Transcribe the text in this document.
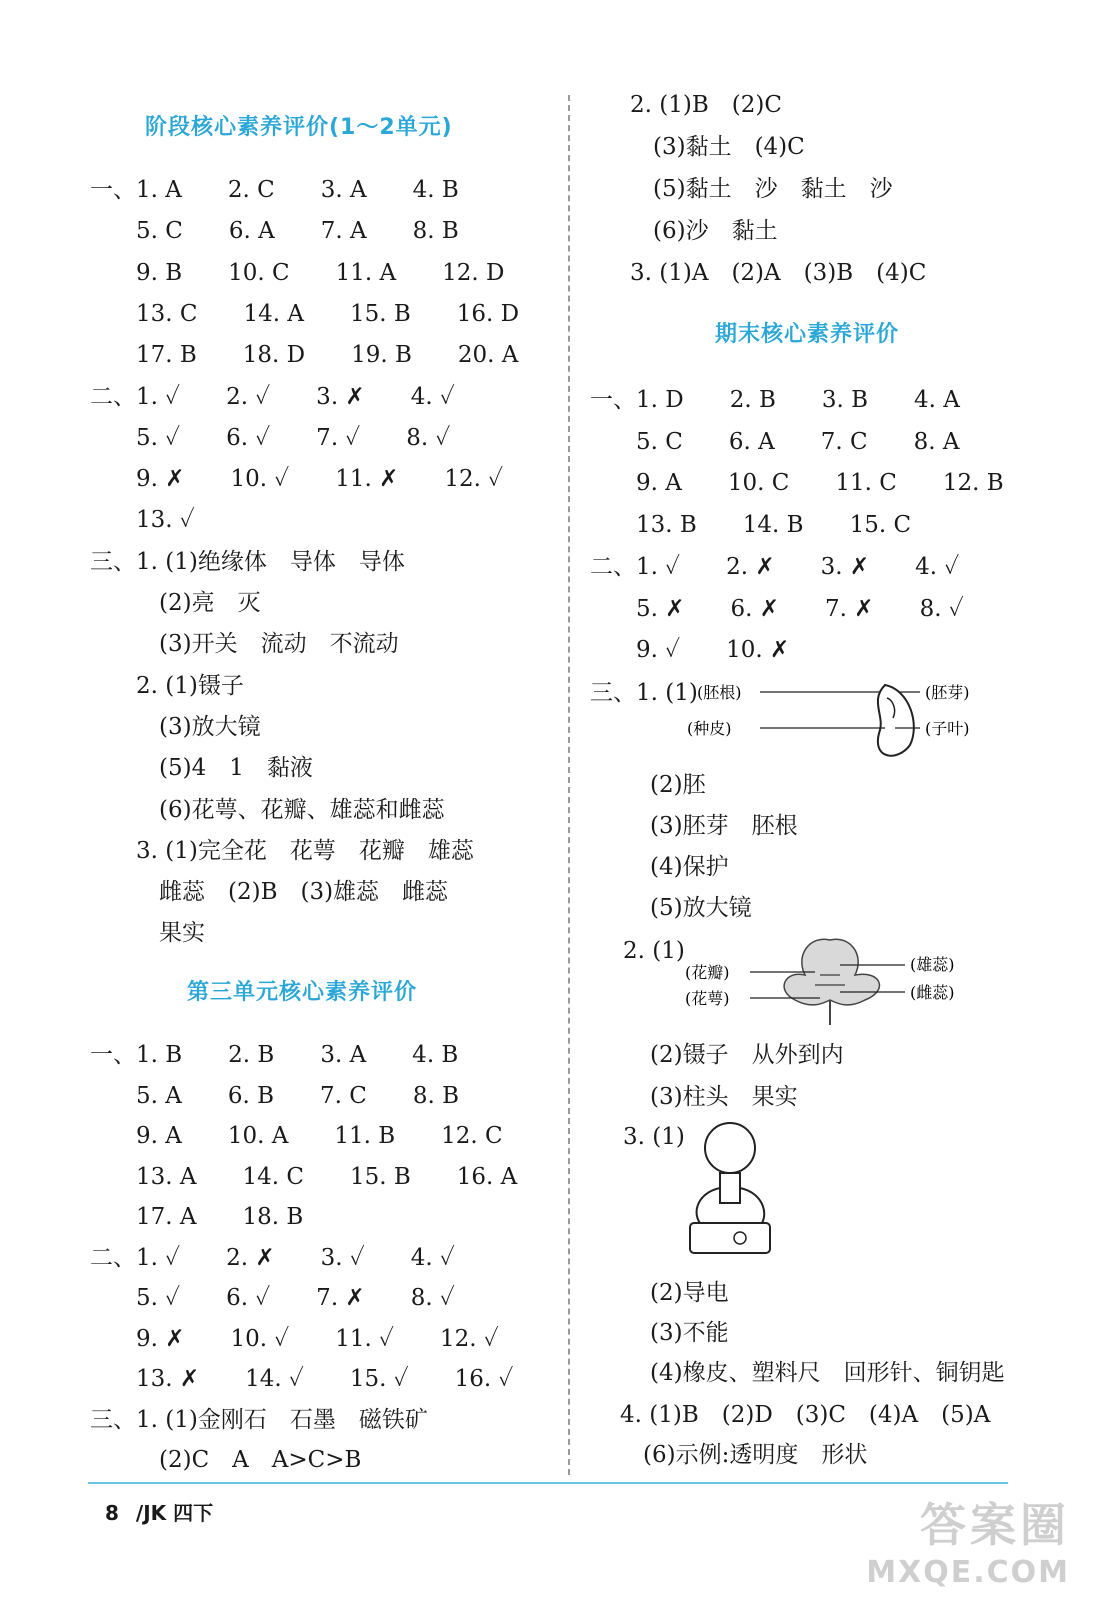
阶段核心素养评价(1～2单元)
一、1. A　　2. C　　3. A　　4. B
　　5. C　　6. A　　7. A　　8. B
　　9. B　　10. C　　11. A　　12. D
　　13. C　　14. A　　15. B　　16. D
　　17. B　　18. D　　19. B　　20. A
二、1. ✓　　2. ✓　　3. ✗　　4. ✓
　　5. ✓　　6. ✓　　7. ✓　　8. ✓
　　9. ✗　　10. ✓　　11. ✗　　12. ✓
　　13. ✓
三、1. (1)绝缘体　导体　导体
　　　(2)亮　灭
　　　(3)开关　流动　不流动
　　2. (1)镊子
　　　(3)放大镜
　　　(5)4　1　黏液
　　　(6)花萼、花瓣、雄蕊和雌蕊
　　3. (1)完全花　花萼　花瓣　雄蕊
　　　雌蕊　(2)B　(3)雄蕊　雌蕊
　　　果实
第三单元核心素养评价
一、1. B　　2. B　　3. A　　4. B
　　5. A　　6. B　　7. C　　8. B
　　9. A　　10. A　　11. B　　12. C
　　13. A　　14. C　　15. B　　16. A
　　17. A　　18. B
二、1. ✓　　2. ✗　　3. ✓　　4. ✓
　　5. ✓　　6. ✓　　7. ✗　　8. ✓
　　9. ✗　　10. ✓　　11. ✓　　12. ✓
　　13. ✗　　14. ✓　　15. ✓　　16. ✓
三、1. (1)金刚石　石墨　磁铁矿
　　　(2)C　A　A>C>B
2. (1)B　(2)C
　(3)黏土　(4)C
　(5)黏土　沙　黏土　沙
　(6)沙　黏土
3. (1)A　(2)A　(3)B　(4)C
期末核心素养评价
一、1. D　　2. B　　3. B　　4. A
　　5. C　　6. A　　7. C　　8. A
　　9. A　　10. C　　11. C　　12. B
　　13. B　　14. B　　15. C
二、1. ✓　　2. ✗　　3. ✗　　4. ✓
　　5. ✗　　6. ✗　　7. ✗　　8. ✓
　　9. ✓　　10. ✗
三、1. (1) (胚根)	(胚芽)
(种皮)	(子叶)
(2)胚
(3)胚芽　胚根
(4)保护
(5)放大镜
2. (1)
(花瓣)
(花萼)
(雄蕊)
(雌蕊)
(2)镊子　从外到内
(3)柱头　果实
3. (1)
(2)导电
(3)不能
(4)橡皮、塑料尺　回形针、铜钥匙
4. (1)B　(2)D　(3)C　(4)A　(5)A
　(6)示例:透明度　形状
8 /JK 四下	答案圈
MXQE.COM
